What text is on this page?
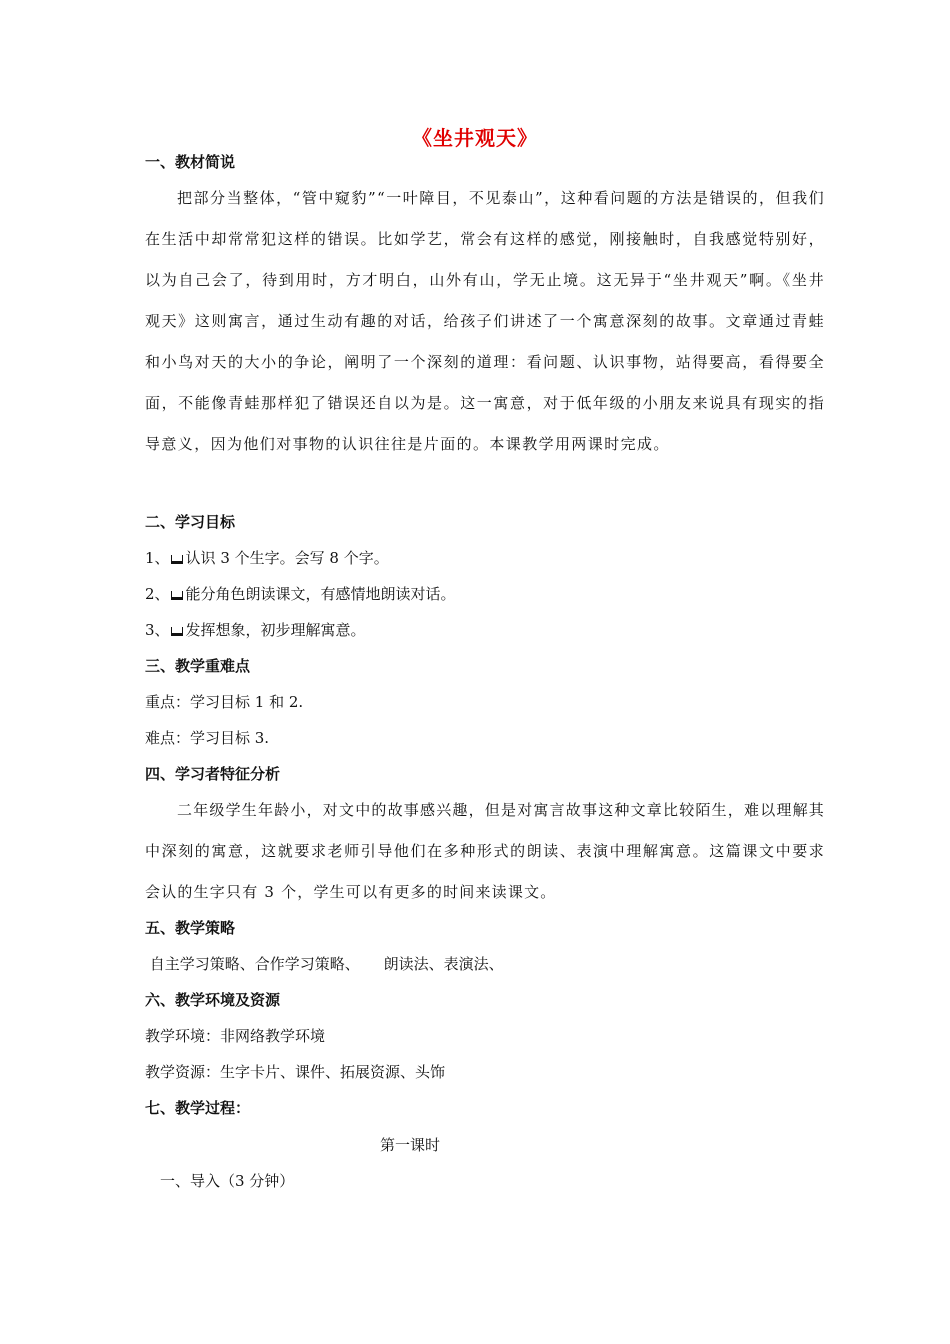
《坐井观天》
一、教材简说
把部分当整体，“管中窥豹”“一叶障目，不见泰山”，这种看问题的方法是错误的，但我们在生活中却常常犯这样的错误。比如学艺，常会有这样的感觉，刚接触时，自我感觉特别好，以为自己会了，待到用时，方才明白，山外有山，学无止境。这无异于“坐井观天”啊。《坐井观天》这则寓言，通过生动有趣的对话，给孩子们讲述了一个寓意深刻的故事。文章通过青蛙和小鸟对天的大小的争论，阐明了一个深刻的道理：看问题、认识事物，站得要高，看得要全面，不能像青蛙那样犯了错误还自以为是。这一寓意，对于低年级的小朋友来说具有现实的指导意义，因为他们对事物的认识往往是片面的。本课教学用两课时完成。
二、学习目标
1、 认识 3 个生字。会写 8 个字。
2、 能分角色朗读课文，有感情地朗读对话。
3、 发挥想象，初步理解寓意。
三、教学重难点
重点：学习目标 1 和 2.
难点：学习目标 3.
四、学习者特征分析
二年级学生年龄小，对文中的故事感兴趣，但是对寓言故事这种文章比较陌生，难以理解其中深刻的寓意，这就要求老师引导他们在多种形式的朗读、表演中理解寓意。这篇课文中要求会认的生字只有 3 个，学生可以有更多的时间来读课文。
五、教学策略
自主学习策略、合作学习策略、     朗读法、表演法、
六、教学环境及资源
教学环境：非网络教学环境
教学资源：生字卡片、课件、拓展资源、头饰
七、教学过程：
第一课时
一、导入（3 分钟）
